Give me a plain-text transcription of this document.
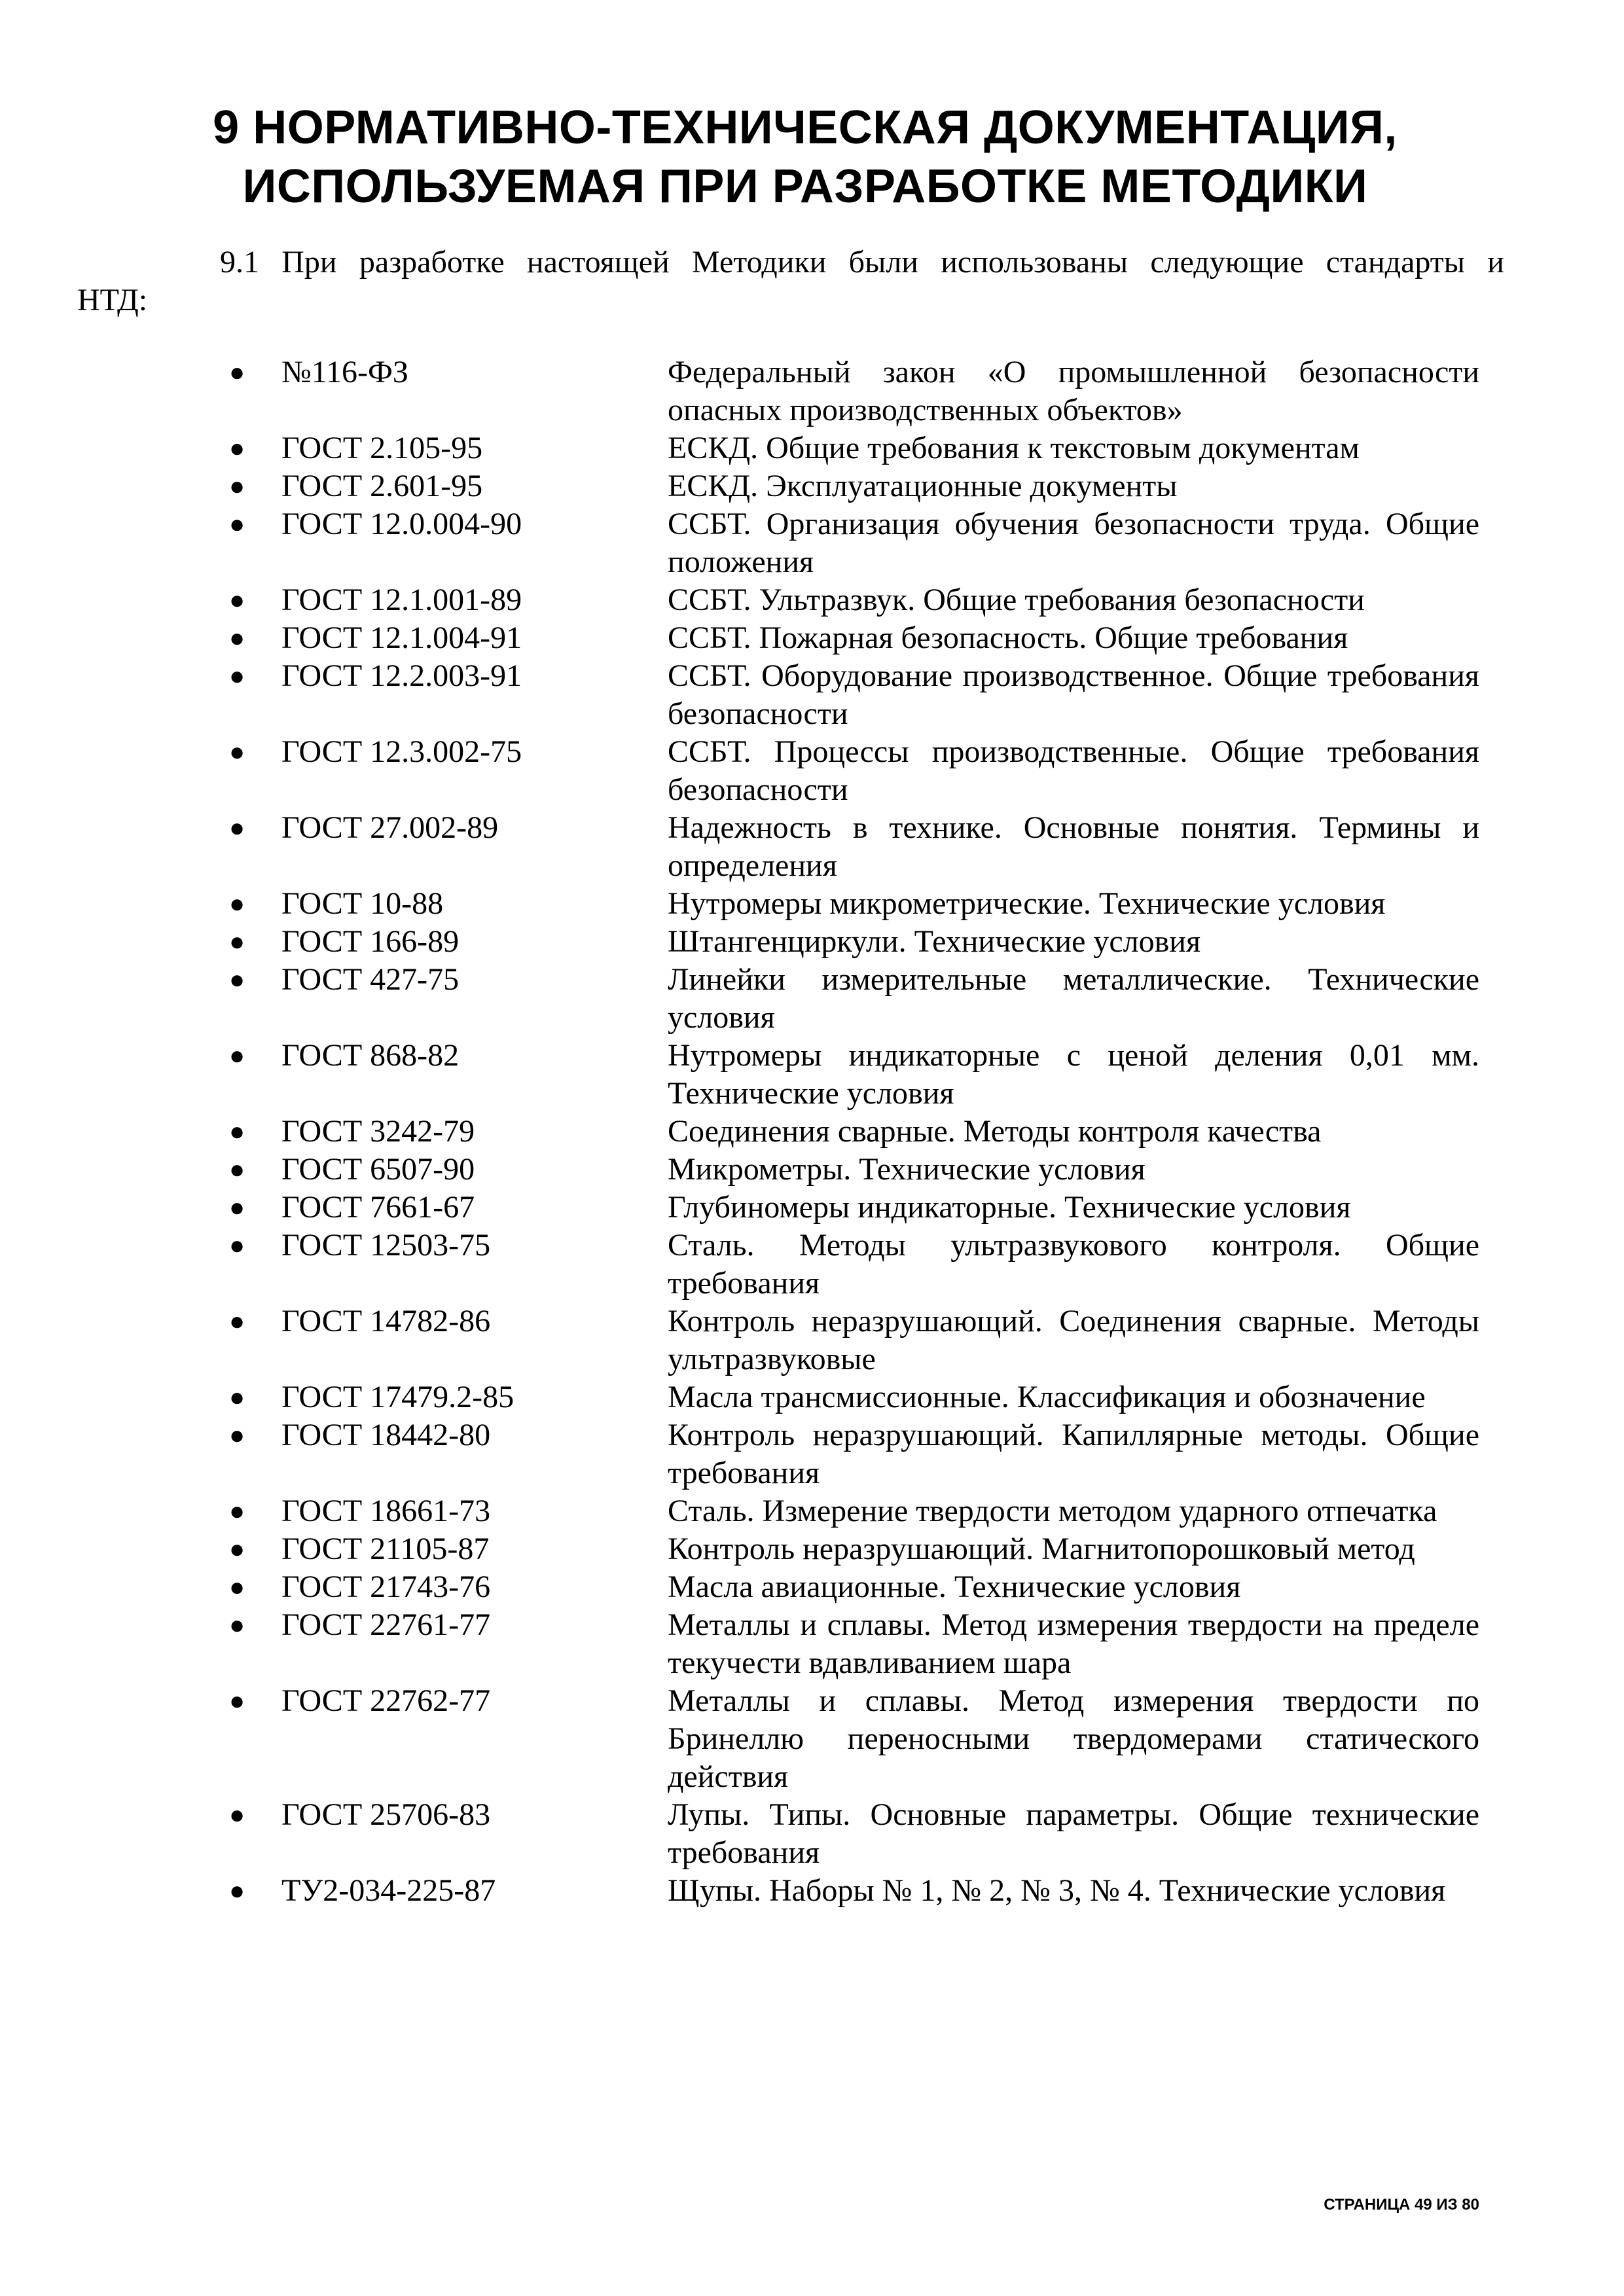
9 НОРМАТИВНО-ТЕХНИЧЕСКАЯ ДОКУМЕНТАЦИЯ,
ИСПОЛЬЗУЕМАЯ ПРИ РАЗРАБОТКЕ МЕТОДИКИ
9.1 При разработке настоящей Методики были использованы следующие стандарты и
НТД:
●	№116-ФЗ	Федеральный закон «О промышленной безопасности опасных производственных объектов»
●	ГОСТ 2.105-95	ЕСКД. Общие требования к текстовым документам
●	ГОСТ 2.601-95	ЕСКД. Эксплуатационные документы
●	ГОСТ 12.0.004-90	ССБТ. Организация обучения безопасности труда. Общие положения
●	ГОСТ 12.1.001-89	ССБТ. Ультразвук. Общие требования безопасности
●	ГОСТ 12.1.004-91	ССБТ. Пожарная безопасность. Общие требования
●	ГОСТ 12.2.003-91	ССБТ. Оборудование производственное. Общие требования безопасности
●	ГОСТ 12.3.002-75	ССБТ. Процессы производственные. Общие требования безопасности
●	ГОСТ 27.002-89	Надежность в технике. Основные понятия. Термины и определения
●	ГОСТ 10-88	Нутромеры микрометрические. Технические условия
●	ГОСТ 166-89	Штангенциркули. Технические условия
●	ГОСТ 427-75	Линейки измерительные металлические. Технические условия
●	ГОСТ 868-82	Нутромеры индикаторные с ценой деления 0,01 мм. Технические условия
●	ГОСТ 3242-79	Соединения сварные. Методы контроля качества
●	ГОСТ 6507-90	Микрометры. Технические условия
●	ГОСТ 7661-67	Глубиномеры индикаторные. Технические условия
●	ГОСТ 12503-75	Сталь. Методы ультразвукового контроля. Общие требования
●	ГОСТ 14782-86	Контроль неразрушающий. Соединения сварные. Методы ультразвуковые
●	ГОСТ 17479.2-85	Масла трансмиссионные. Классификация и обозначение
●	ГОСТ 18442-80	Контроль неразрушающий. Капиллярные методы. Общие требования
●	ГОСТ 18661-73	Сталь. Измерение твердости методом ударного отпечатка
●	ГОСТ 21105-87	Контроль неразрушающий. Магнитопорошковый метод
●	ГОСТ 21743-76	Масла авиационные. Технические условия
●	ГОСТ 22761-77	Металлы и сплавы. Метод измерения твердости на пределе текучести вдавливанием шара
●	ГОСТ 22762-77	Металлы и сплавы. Метод измерения твердости по Бринеллю переносными твердомерами статического действия
●	ГОСТ 25706-83	Лупы. Типы. Основные параметры. Общие технические требования
●	ТУ2-034-225-87	Щупы. Наборы № 1, № 2, № 3, № 4. Технические условия
СТРАНИЦА 49 ИЗ 80
